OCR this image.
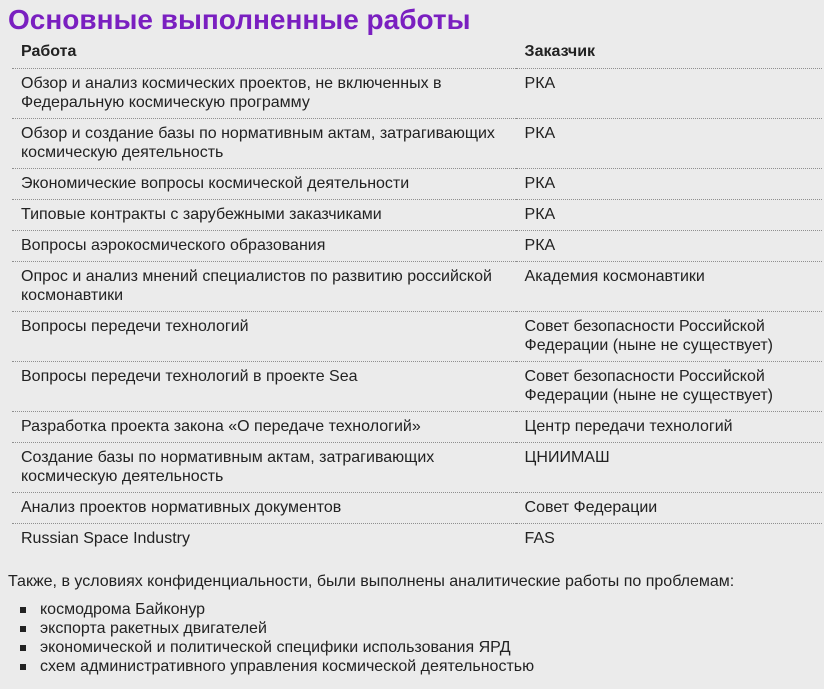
Основные выполненные работы
Работа	Заказчик
Обзор и анализ космических проектов, не включенных в Федеральную космическую программу	РКА
Обзор и создание базы по нормативным актам, затрагивающих космическую деятельность	РКА
Экономические вопросы космической деятельности	РКА
Типовые контракты с зарубежными заказчиками	РКА
Вопросы аэрокосмического образования	РКА
Опрос и анализ мнений специалистов по развитию российской космонавтики	Академия космонавтики
Вопросы передечи технологий	Совет безопасности Российской Федерации (ныне не существует)
Вопросы передечи технологий в проекте Sea	Совет безопасности Российской Федерации (ныне не существует)
Разработка проекта закона «О передаче технологий»	Центр передачи технологий
Создание базы по нормативным актам, затрагивающих космическую деятельность	ЦНИИМАШ
Анализ проектов нормативных документов	Совет Федерации
Russian Space Industry	FAS

Также, в условиях конфиденциальности, были выполнены аналитические работы по проблемам:

космодрома Байконур
экспорта ракетных двигателей
экономической и политической специфики использования ЯРД
схем административного управления космической деятельностью
